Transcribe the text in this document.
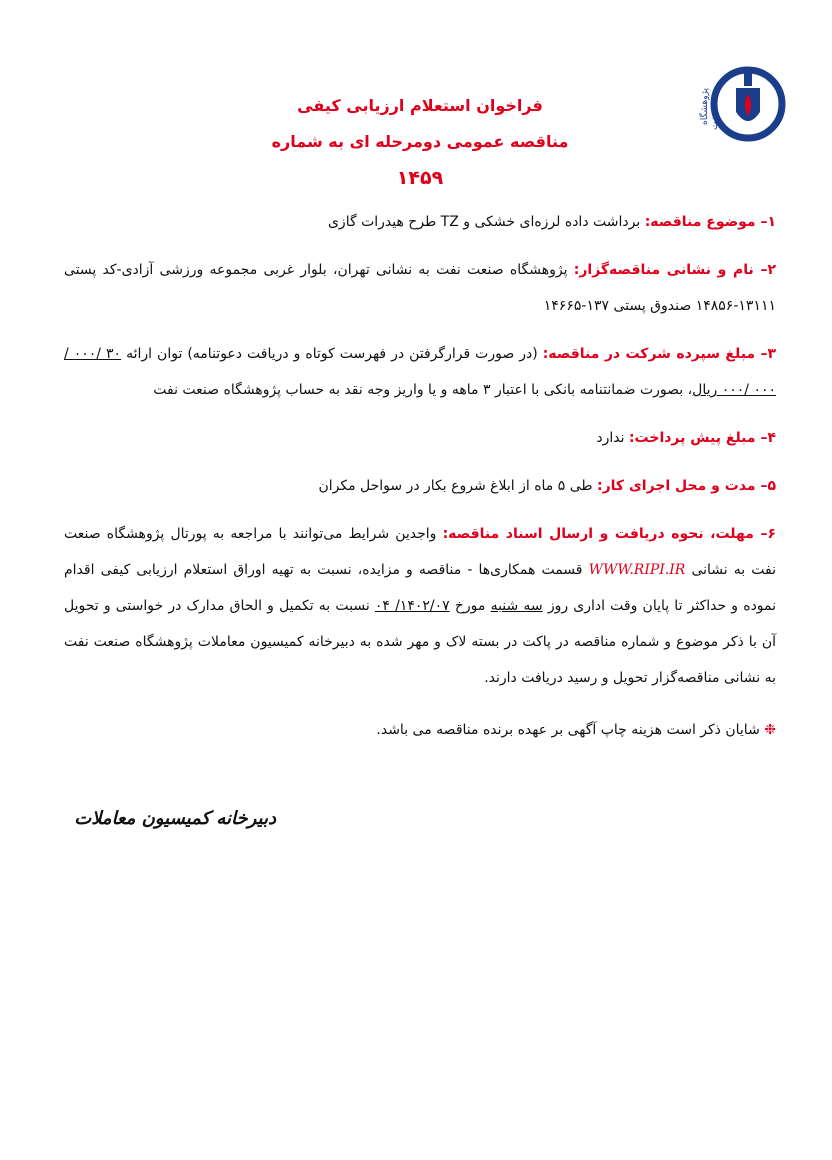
پژوهشگاه صنعت نفت
فراخوان استعلام ارزیابی کیفی
مناقصه عمومی دومرحله ای به شماره
۱۴۵۹
۱– موضوع مناقصه: برداشت داده لرزه‌ای خشکی و TZ طرح هیدرات گازی
۲– نام و نشانی مناقصه‌گزار: پژوهشگاه صنعت نفت به نشانی تهران، بلوار غربی مجموعه ورزشی آزادی-کد پستی ۱۳۱۱۱-۱۴۸۵۶ صندوق پستی ۱۳۷-۱۴۶۶۵
۳– مبلغ سپرده شرکت در مناقصه: (در صورت قرارگرفتن در فهرست کوتاه و دریافت دعوتنامه) توان ارائه ۳۰ /۰۰۰ /۰۰۰ /۰۰۰ ریال، بصورت ضمانتنامه بانکی با اعتبار ۳ ماهه و یا واریز وجه نقد به حساب پژوهشگاه صنعت نفت
۴– مبلغ پیش پرداخت: ندارد
۵– مدت و محل اجرای کار: طی ۵ ماه از ابلاغ شروع بکار در سواحل مکران
۶– مهلت، نحوه دریافت و ارسال اسناد مناقصه: واجدین شرایط می‌توانند با مراجعه به پورتال پژوهشگاه صنعت نفت به نشانی WWW.RIPI.IR قسمت همکاری‌ها - مناقصه و مزایده، نسبت به تهیه اوراق استعلام ارزیابی کیفی اقدام نموده و حداکثر تا پایان وقت اداری روز سه شنبه مورخ ۱۴۰۲/۰۷/ ۰۴ نسبت به تکمیل و الحاق مدارک در خواستی و تحویل آن با ذکر موضوع و شماره مناقصه در پاکت در بسته لاک و مهر شده به دبیرخانه کمیسیون معاملات پژوهشگاه صنعت نفت به نشانی مناقصه‌گزار تحویل و رسید دریافت دارند.
❉ شایان ذکر است هزینه چاپ آگهی بر عهده برنده مناقصه می باشد.
دبیرخانه کمیسیون معاملات
